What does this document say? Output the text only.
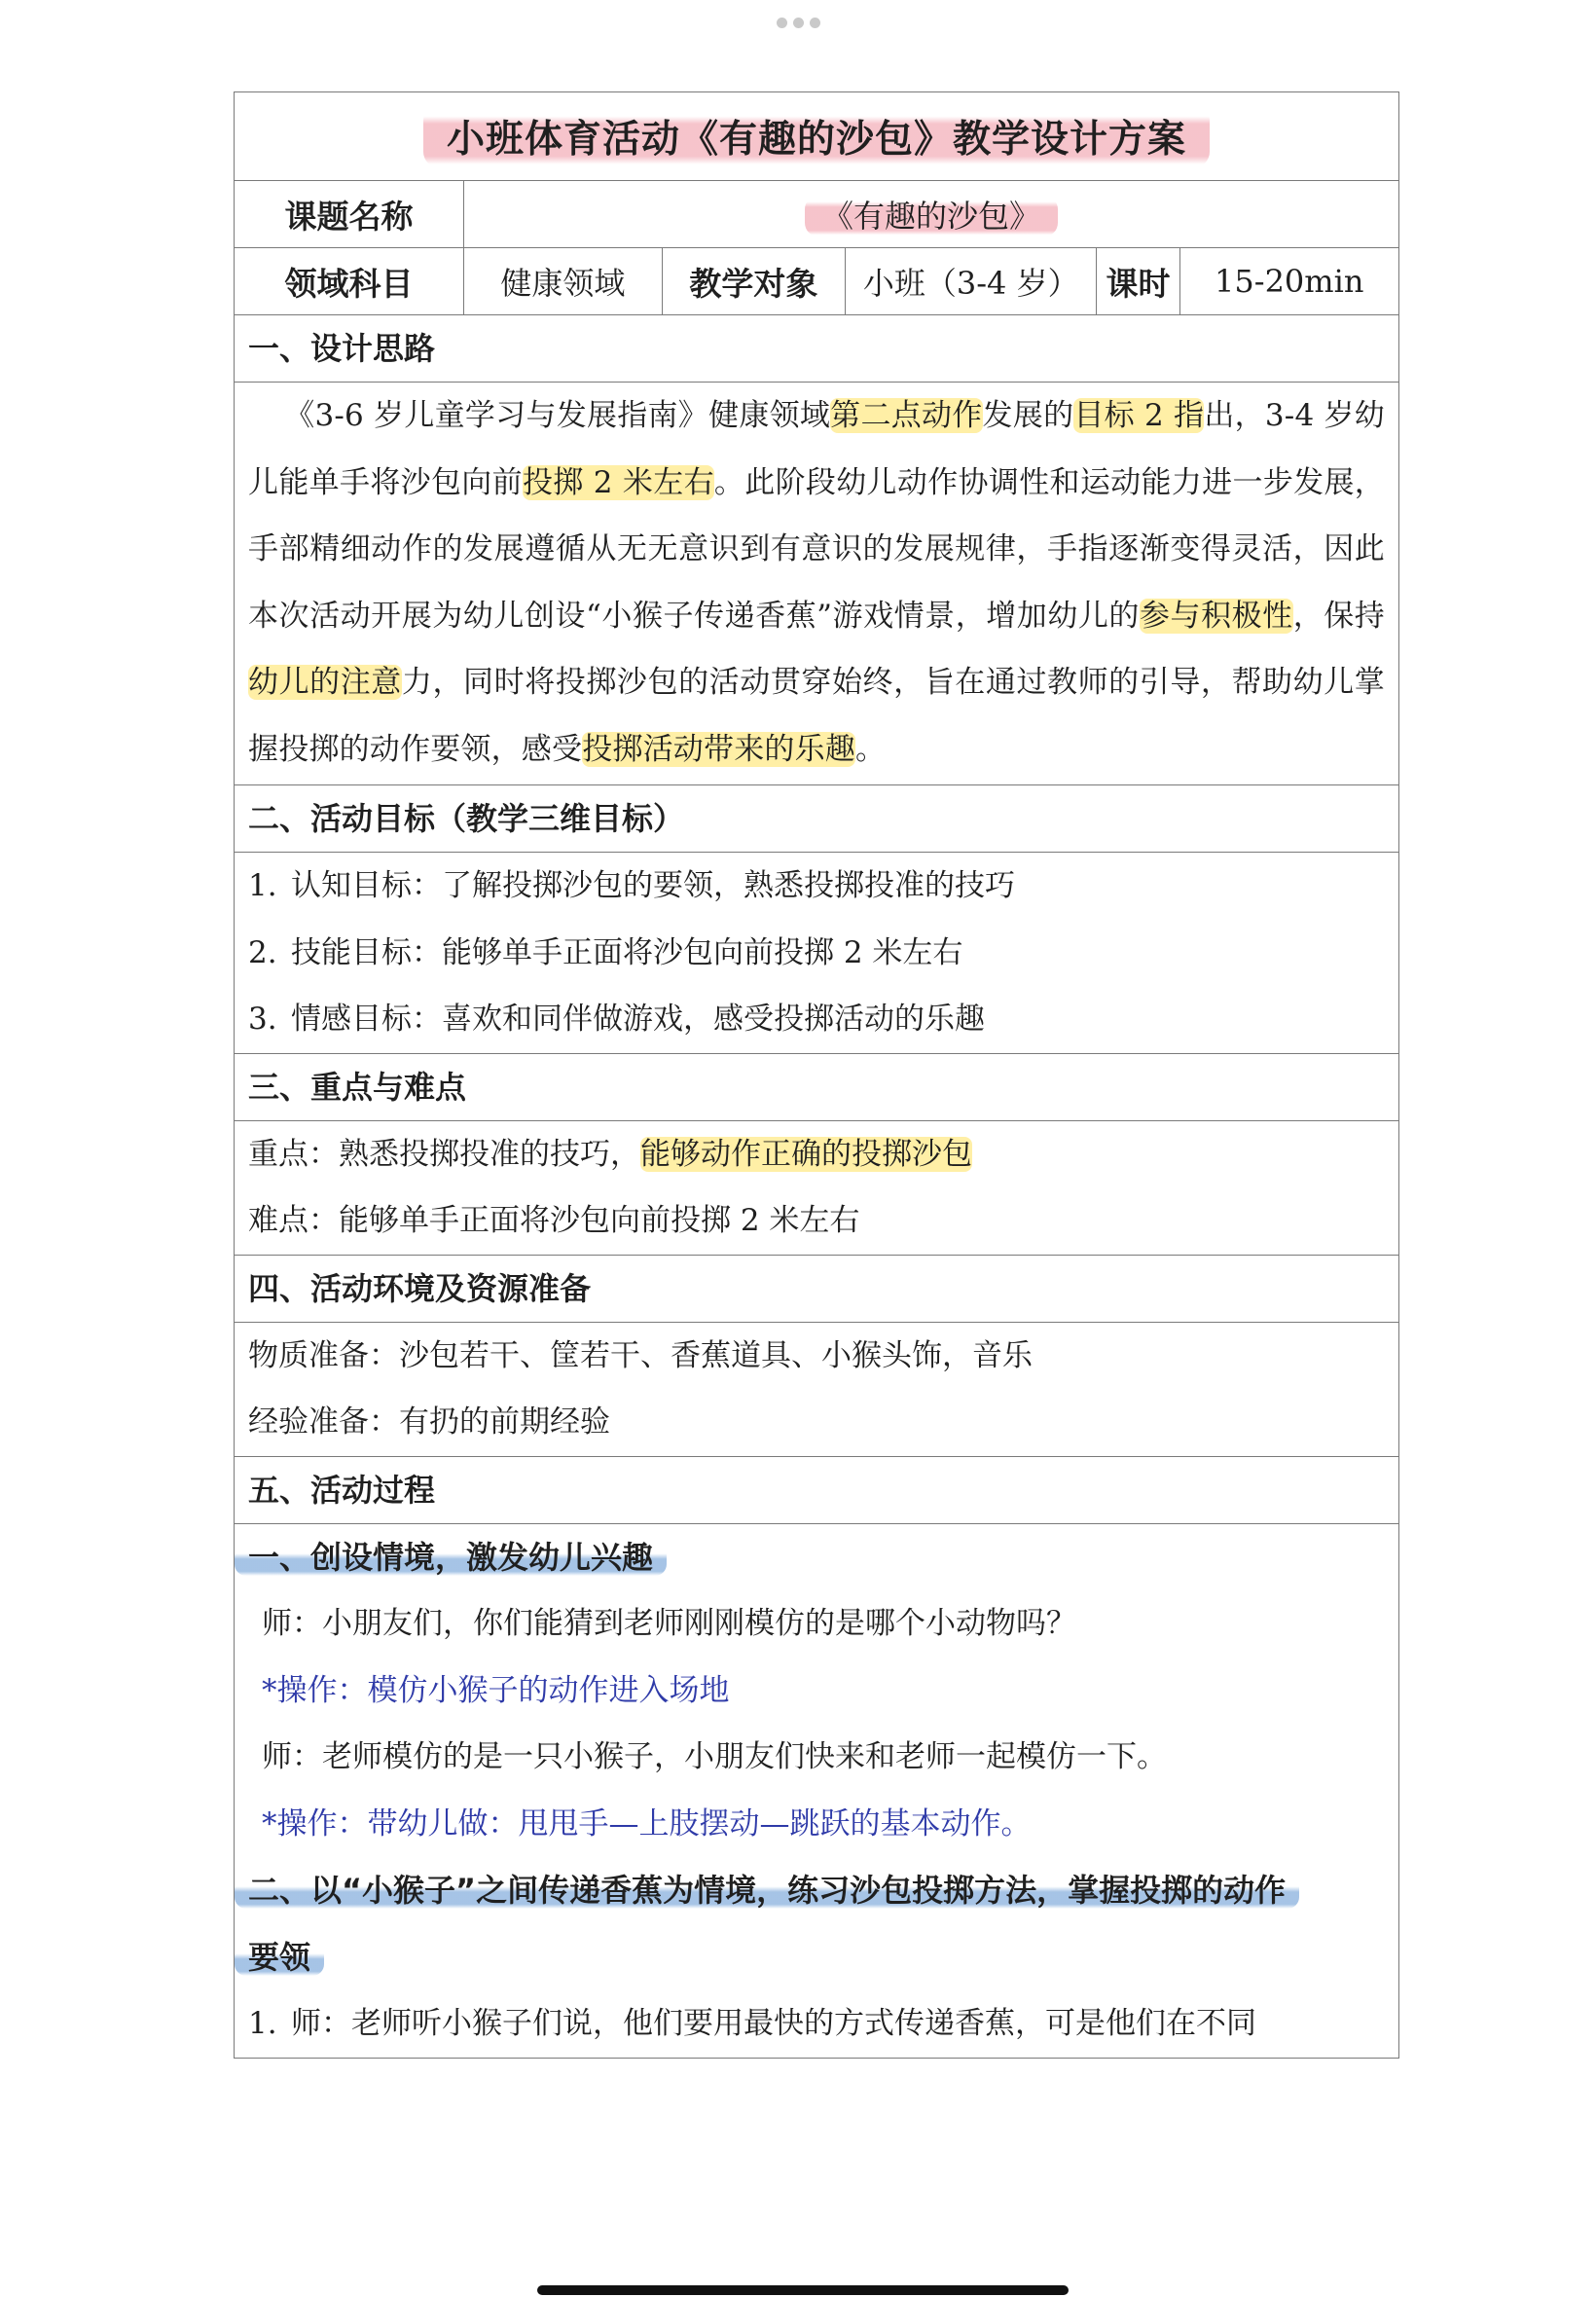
小班体育活动《有趣的沙包》教学设计方案
课题名称	《有趣的沙包》				
领域科目	健康领域	教学对象	小班（3-4 岁）	课时	15-20min
一、设计思路

《3-6 岁儿童学习与发展指南》健康领域第二点动作发展的目标 2 指出，3-4 岁幼儿能单手将沙包向前投掷 2 米左右。此阶段幼儿动作协调性和运动能力进一步发展，手部精细动作的发展遵循从无无意识到有意识的发展规律，手指逐渐变得灵活，因此本次活动开展为幼儿创设“小猴子传递香蕉”游戏情景，增加幼儿的参与积极性，保持幼儿的注意力，同时将投掷沙包的活动贯穿始终，旨在通过教师的引导，帮助幼儿掌握投掷的动作要领，感受投掷活动带来的乐趣。

二、活动目标（教学三维目标）
1. 认知目标：了解投掷沙包的要领，熟悉投掷投准的技巧
2. 技能目标：能够单手正面将沙包向前投掷 2 米左右
3. 情感目标：喜欢和同伴做游戏，感受投掷活动的乐趣
三、重点与难点
重点：熟悉投掷投准的技巧，能够动作正确的投掷沙包
难点：能够单手正面将沙包向前投掷 2 米左右
四、活动环境及资源准备
物质准备：沙包若干、筐若干、香蕉道具、小猴头饰，音乐
经验准备：有扔的前期经验
五、活动过程
一、创设情境，激发幼儿兴趣
师：小朋友们，你们能猜到老师刚刚模仿的是哪个小动物吗？
*操作：模仿小猴子的动作进入场地
师：老师模仿的是一只小猴子，小朋友们快来和老师一起模仿一下。
*操作：带幼儿做：甩甩手—上肢摆动—跳跃的基本动作。
二、以“小猴子”之间传递香蕉为情境，练习沙包投掷方法，掌握投掷的动作
要领
1. 师：老师听小猴子们说，他们要用最快的方式传递香蕉，可是他们在不同
